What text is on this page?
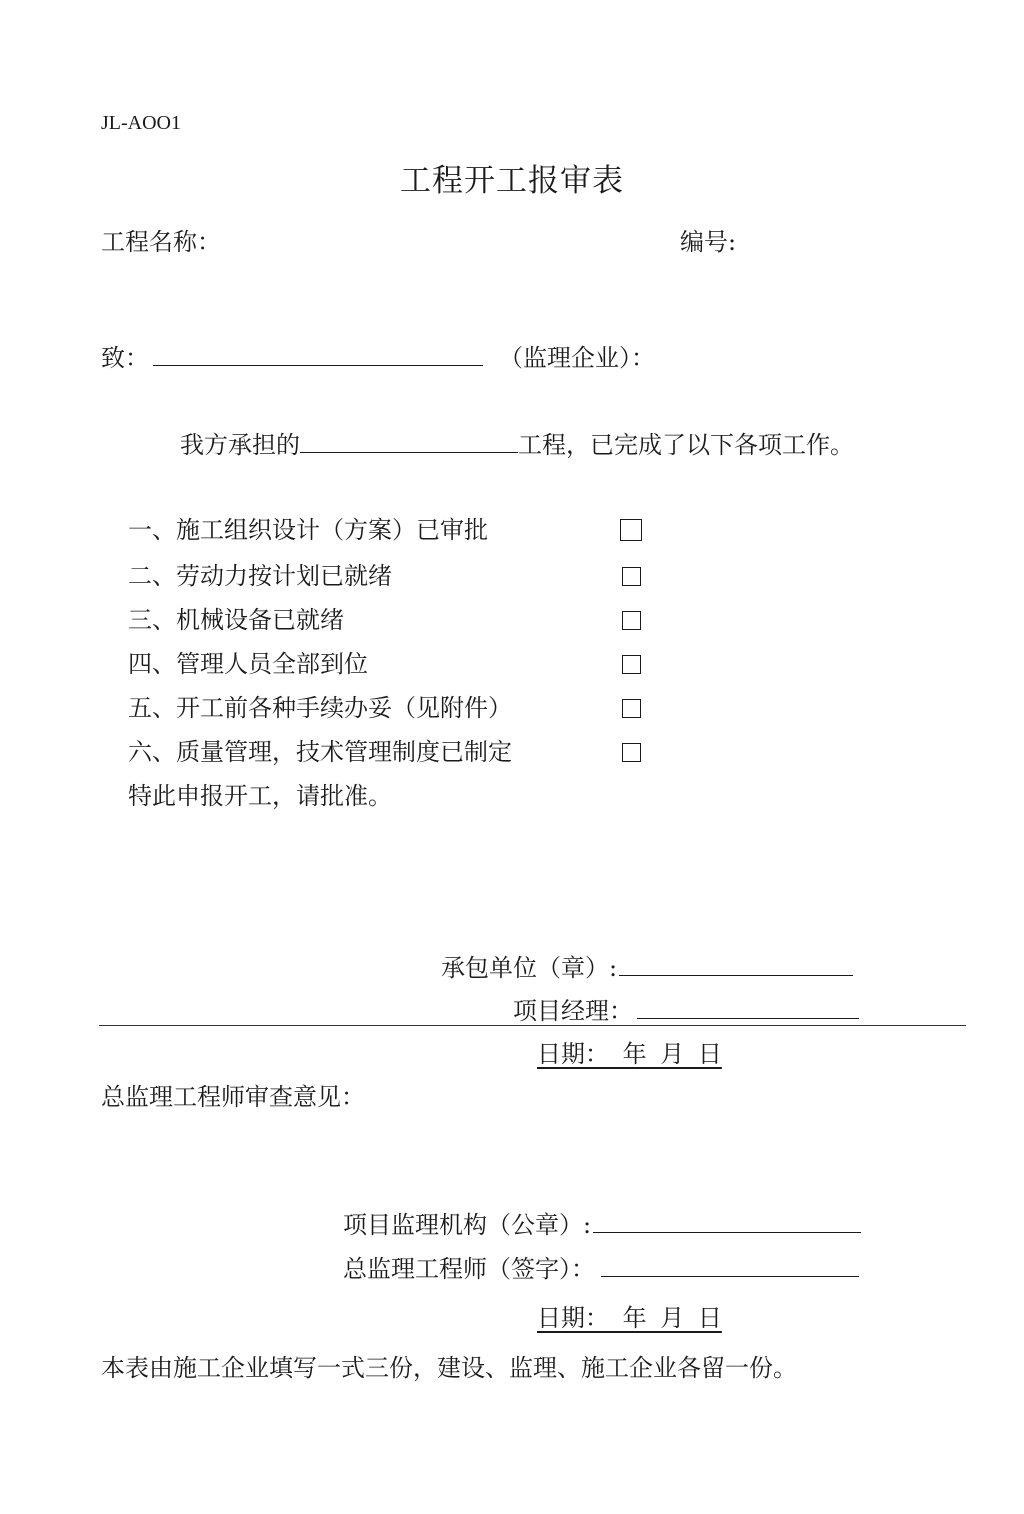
JL-AOO1
工程开工报审表
工程名称：	编号:
致：	（监理企业）：
我方承担的	工程，已完成了以下各项工作。
一、施工组织设计（方案）已审批
二、劳动力按计划已就绪
三、机械设备已就绪
四、管理人员全部到位
五、开工前各种手续办妥（见附件）
六、质量管理，技术管理制度已制定
特此申报开工，请批准。
承包单位（章）:
项目经理：
日期： 年 月 日
总监理工程师审查意见：
项目监理机构（公章）:
总监理工程师（签字）：
日期： 年 月 日
本表由施工企业填写一式三份，建设、监理、施工企业各留一份。
